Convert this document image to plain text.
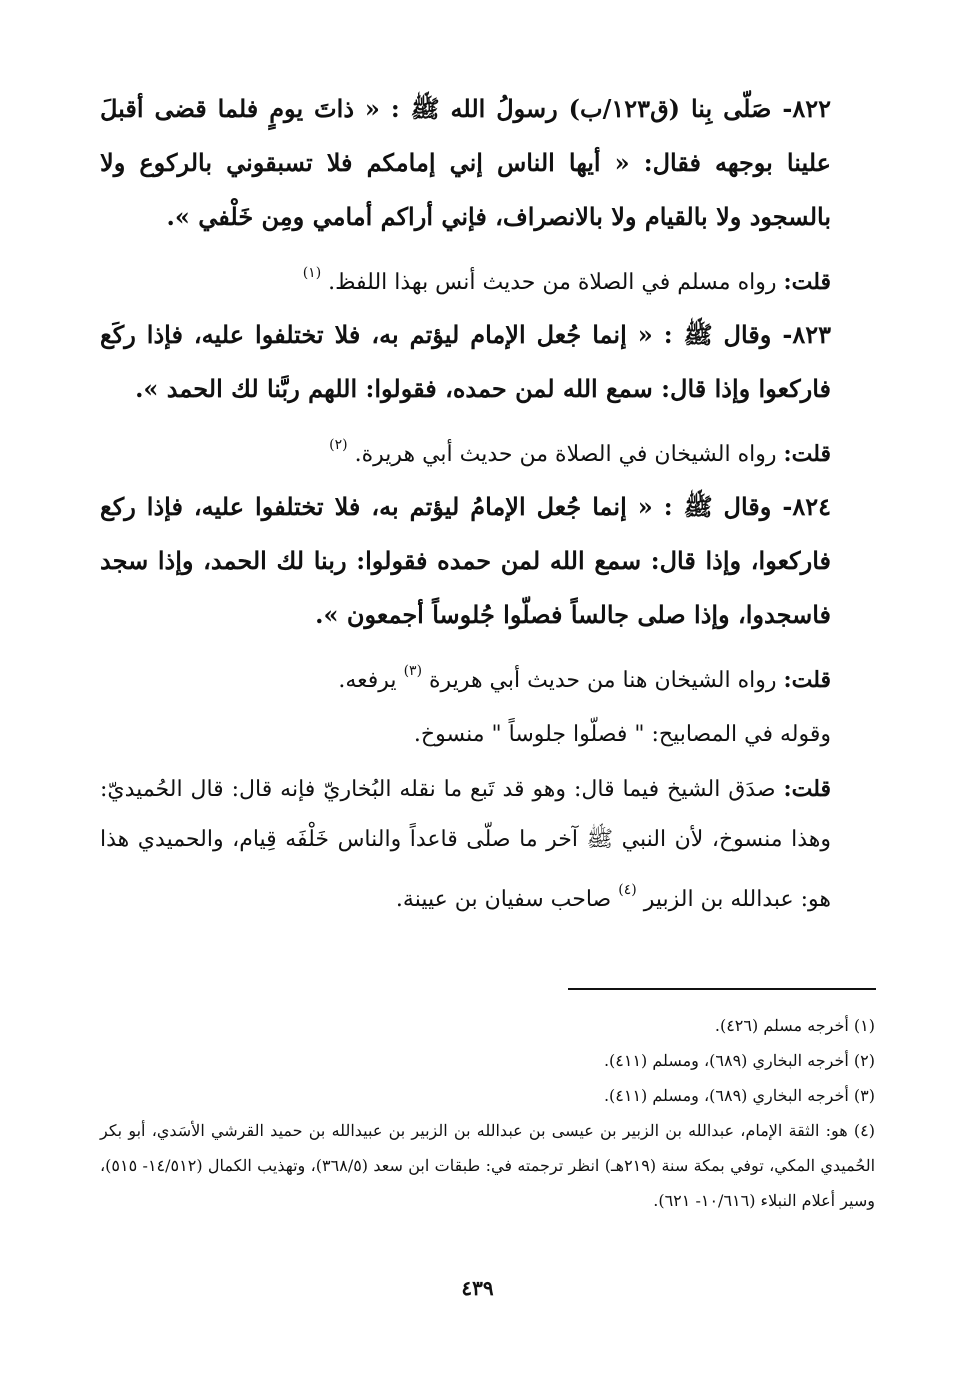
٨٢٢- صَلّى بِنا (ق١٢٣/ب) رسولُ الله ﷺ : « ذاتَ يومٍ فلما قضى أقبلَ علينا بوجهه فقال: « أيها الناس إني إمامكم فلا تسبقوني بالركوع ولا بالسجود ولا بالقيام ولا بالانصراف، فإني أراكم أمامي ومِن خَلْفي ».

قلت: رواه مسلم في الصلاة من حديث أنس بهذا اللفظ. $^{(١)}$

٨٢٣- وقال ﷺ : « إنما جُعل الإمام ليؤتم به، فلا تختلفوا عليه، فإذا ركَع فاركعوا وإذا قال: سمع الله لمن حمده، فقولوا: اللهم ربَّنا لك الحمد ».

قلت: رواه الشيخان في الصلاة من حديث أبي هريرة. $^{(٢)}$

٨٢٤- وقال ﷺ : « إنما جُعل الإمامُ ليؤتم به، فلا تختلفوا عليه، فإذا ركع فاركعوا، وإذا قال: سمع الله لمن حمده فقولوا: ربنا لك الحمد، وإذا سجد فاسجدوا، وإذا صلى جالساً فصلّوا جُلوساً أجمعون ».

قلت: رواه الشيخان هنا من حديث أبي هريرة $^{(٣)}$ يرفعه.

وقوله في المصابيح: " فصلّوا جلوساً " منسوخ.

قلت: صدَق الشيخ فيما قال: وهو قد تَبع ما نقله البُخاريّ فإنه قال: قال الحُميديّ: وهذا منسوخ، لأن النبي ﷺ آخر ما صلّى قاعداً والناس خَلْفَه قِيام، والحميدي هذا هو: عبدالله بن الزبير $^{(٤)}$ صاحب سفيان بن عيينة.

(١) أخرجه مسلم (٤٢٦).

(٢) أخرجه البخاري (٦٨٩)، ومسلم (٤١١).

(٣) أخرجه البخاري (٦٨٩)، ومسلم (٤١١).

(٤) هو: الثقة الإمام، عبدالله بن الزبير بن عيسى بن عبدالله بن الزبير بن عبيدالله بن حميد القرشي الأسَدي، أبو بكر الحُميدي المكي، توفي بمكة سنة (٢١٩هـ) انظر ترجمته في: طبقات ابن سعد (٣٦٨/٥)، وتهذيب الكمال (١٤/٥١٢- ٥١٥)، وسير أعلام النبلاء (١٠/٦١٦- ٦٢١).

٤٣٩
